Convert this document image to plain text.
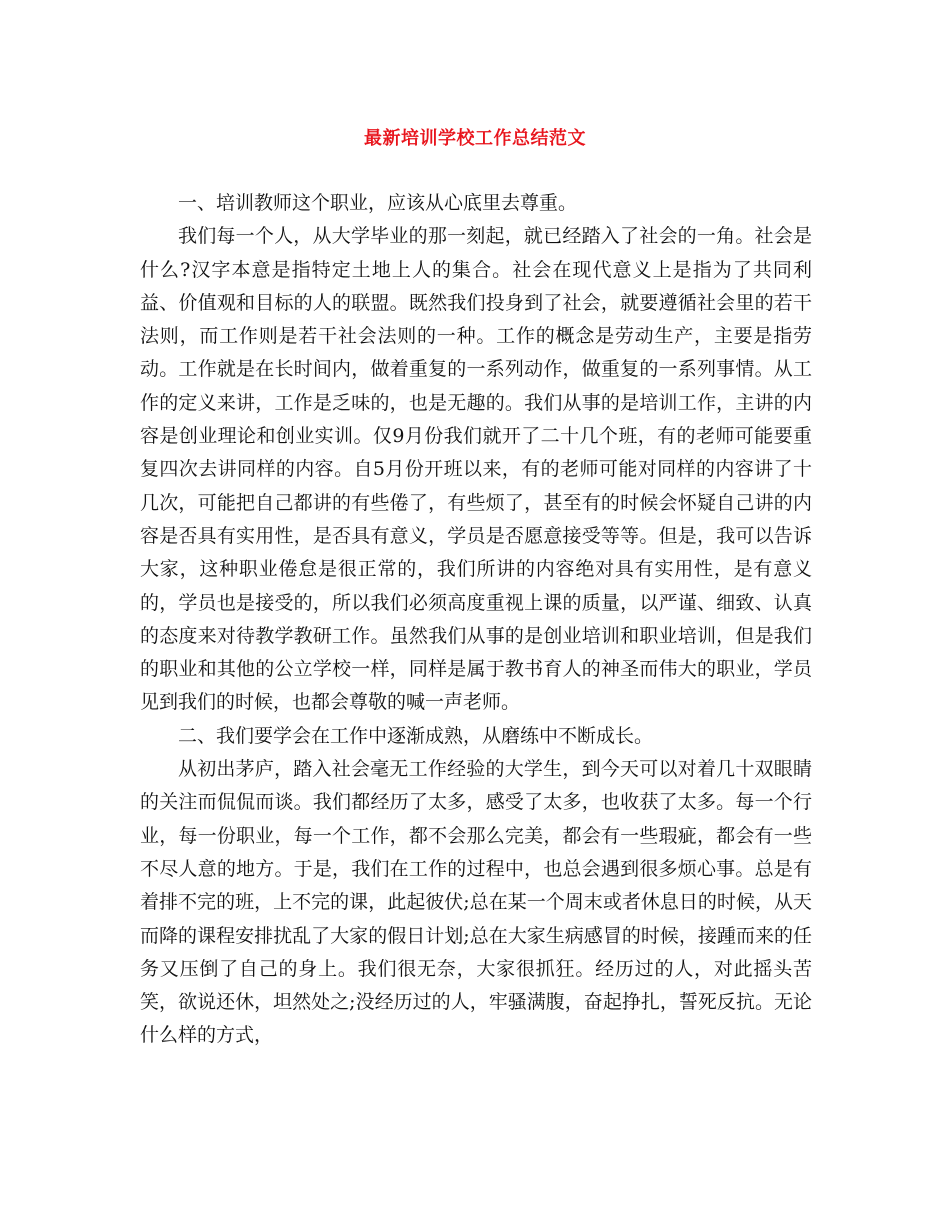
最新培训学校工作总结范文

一、培训教师这个职业，应该从心底里去尊重。

我们每一个人，从大学毕业的那一刻起，就已经踏入了社会的一角。社会是什么?汉字本意是指特定土地上人的集合。社会在现代意义上是指为了共同利益、价值观和目标的人的联盟。既然我们投身到了社会，就要遵循社会里的若干法则，而工作则是若干社会法则的一种。工作的概念是劳动生产，主要是指劳动。工作就是在长时间内，做着重复的一系列动作，做重复的一系列事情。从工作的定义来讲，工作是乏味的，也是无趣的。我们从事的是培训工作，主讲的内容是创业理论和创业实训。仅9月份我们就开了二十几个班，有的老师可能要重复四次去讲同样的内容。自5月份开班以来，有的老师可能对同样的内容讲了十几次，可能把自己都讲的有些倦了，有些烦了，甚至有的时候会怀疑自己讲的内容是否具有实用性，是否具有意义，学员是否愿意接受等等。但是，我可以告诉大家，这种职业倦怠是很正常的，我们所讲的内容绝对具有实用性，是有意义的，学员也是接受的，所以我们必须高度重视上课的质量，以严谨、细致、认真的态度来对待教学教研工作。虽然我们从事的是创业培训和职业培训，但是我们的职业和其他的公立学校一样，同样是属于教书育人的神圣而伟大的职业，学员见到我们的时候，也都会尊敬的喊一声老师。

二、我们要学会在工作中逐渐成熟，从磨练中不断成长。

从初出茅庐，踏入社会毫无工作经验的大学生，到今天可以对着几十双眼睛的关注而侃侃而谈。我们都经历了太多，感受了太多，也收获了太多。每一个行业，每一份职业，每一个工作，都不会那么完美，都会有一些瑕疵，都会有一些不尽人意的地方。于是，我们在工作的过程中，也总会遇到很多烦心事。总是有着排不完的班，上不完的课，此起彼伏;总在某一个周末或者休息日的时候，从天而降的课程安排扰乱了大家的假日计划;总在大家生病感冒的时候，接踵而来的任务又压倒了自己的身上。我们很无奈，大家很抓狂。经历过的人，对此摇头苦笑，欲说还休，坦然处之;没经历过的人，牢骚满腹，奋起挣扎，誓死反抗。无论什么样的方式，
